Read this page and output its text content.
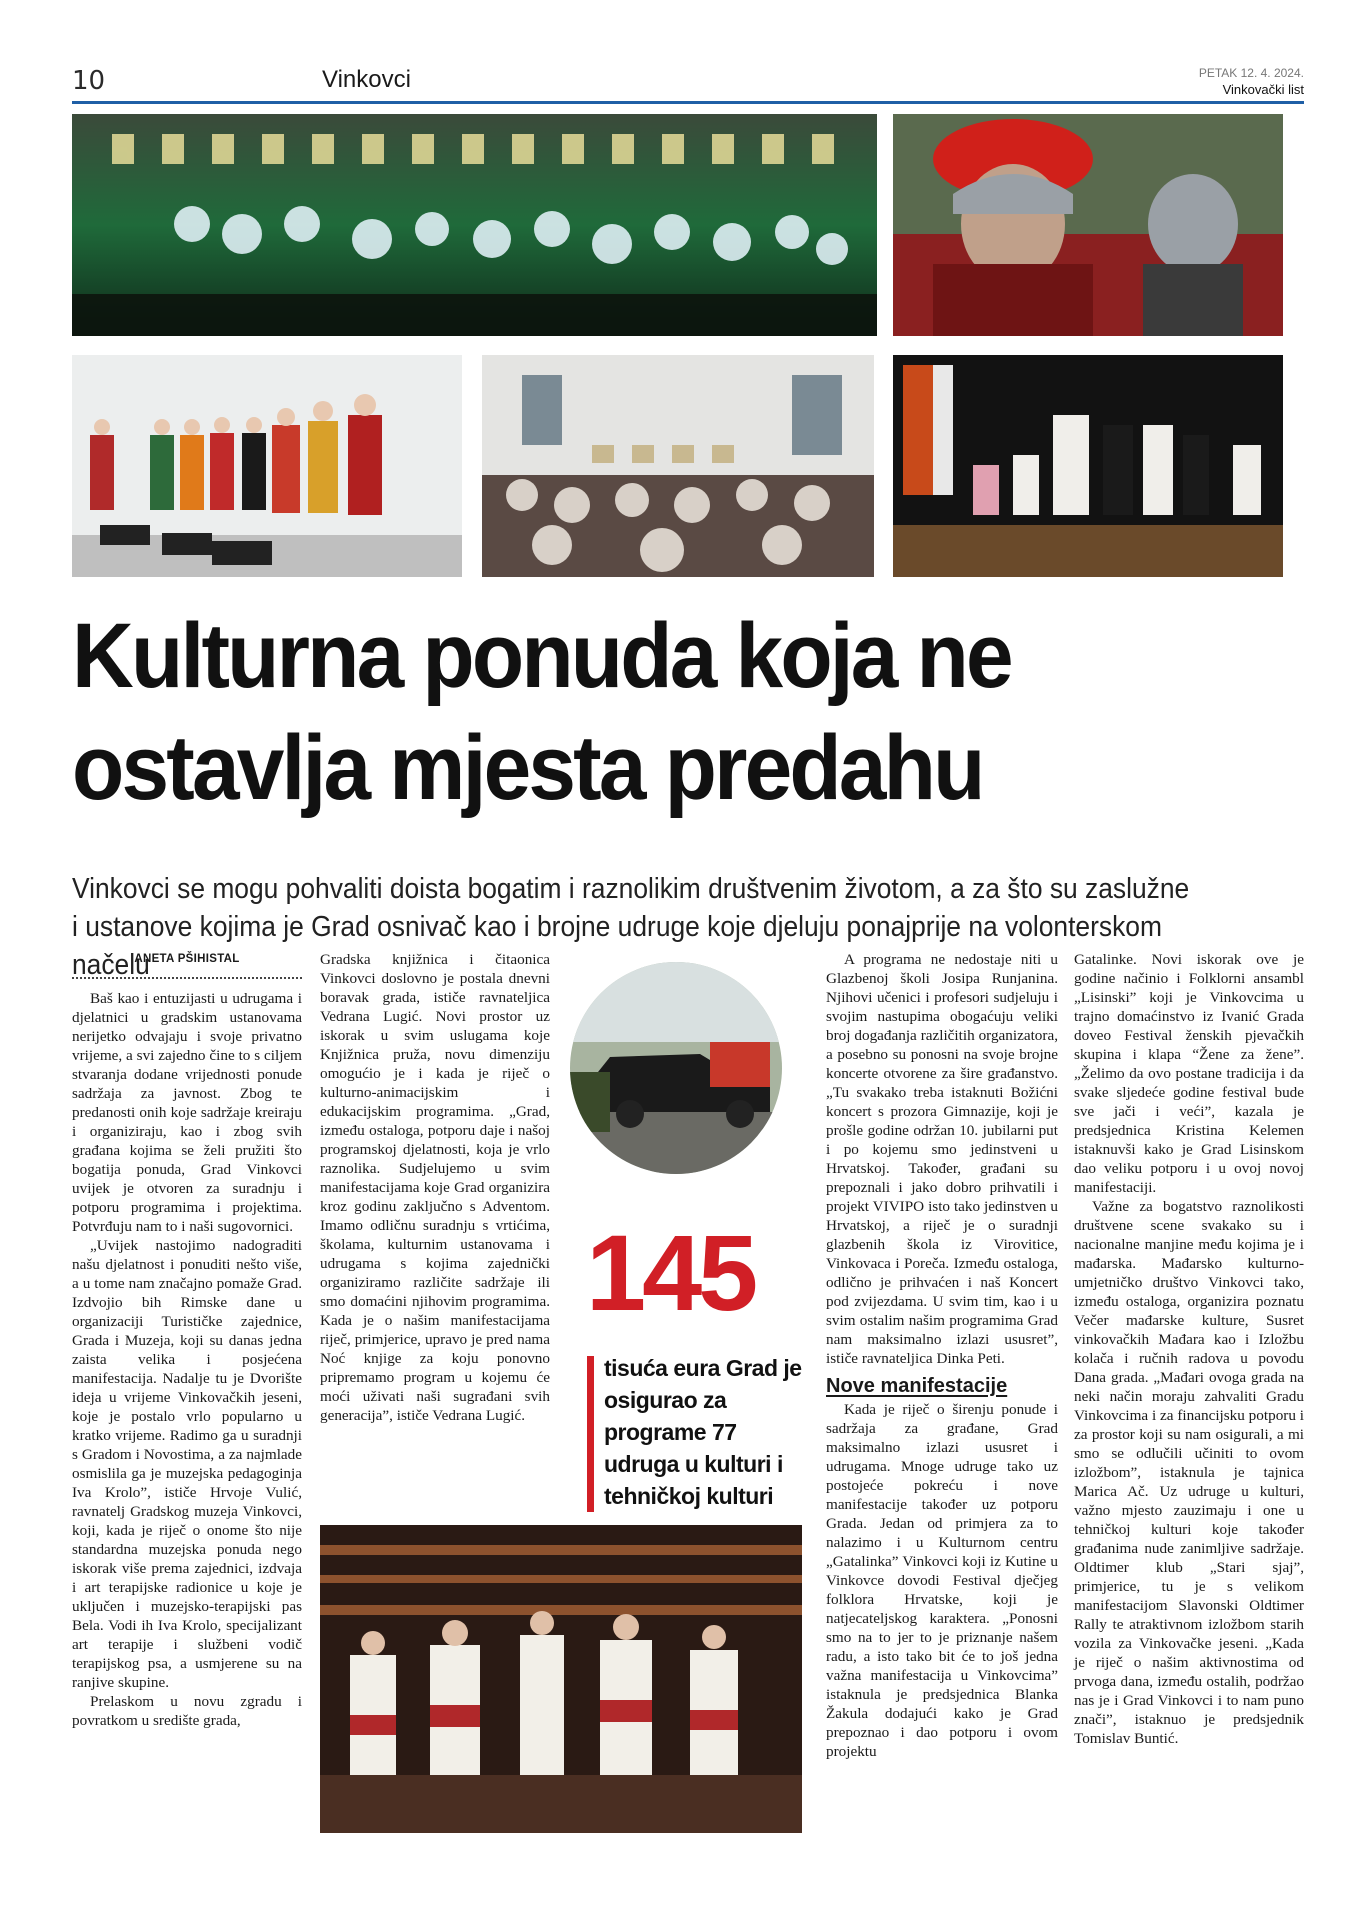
10	Vinkovci	PETAK 12. 4. 2024.
Vinkovački list
Kulturna ponuda koja ne
ostavlja mjesta predahu
Vinkovci se mogu pohvaliti doista bogatim i raznolikim društvenim životom, a za što su zaslužne i ustanove kojima je Grad osnivač kao i brojne udruge koje djeluju ponajprije na volonterskom načelu
ANETA PŠIHISTAL

Baš kao i entuzijasti u udrugama i djelatnici u gradskim ustanovama nerijetko odvajaju i svoje privatno vrijeme, a svi zajedno čine to s ciljem stvaranja dodane vrijednosti ponude sadržaja za javnost. Zbog te predanosti onih koje sadržaje kreiraju i organiziraju, kao i zbog svih građana kojima se želi pružiti što bogatija ponuda, Grad Vinkovci uvijek je otvoren za suradnju i potporu programima i projektima. Potvrđuju nam to i naši sugovornici.

„Uvijek nastojimo nadograditi našu djelatnost i ponuditi nešto više, a u tome nam značajno pomaže Grad. Izdvojio bih Rimske dane u organizaciji Turističke zajednice, Grada i Muzeja, koji su danas jedna zaista velika i posjećena manifestacija. Nadalje tu je Dvorište ideja u vrijeme Vinkovačkih jeseni, koje je postalo vrlo popularno u kratko vrijeme. Radimo ga u suradnji s Gradom i Novostima, a za najmlade osmislila ga je muzejska pedagoginja Iva Krolo”, ističe Hrvoje Vulić, ravnatelj Gradskog muzeja Vinkovci, koji, kada je riječ o onome što nije standardna muzejska ponuda nego iskorak više prema zajednici, izdvaja i art terapijske radionice u koje je uključen i muzejsko-terapijski pas Bela. Vodi ih Iva Krolo, specijalizant art terapije i službeni vodič terapijskog psa, a usmjerene su na ranjive skupine.

Prelaskom u novu zgradu i povratkom u središte grada,

Gradska knjižnica i čitaonica Vinkovci doslovno je postala dnevni boravak grada, ističe ravnateljica Vedrana Lugić. Novi prostor uz iskorak u svim uslugama koje Knjižnica pruža, novu dimenziju omogućio je i kada je riječ o kulturno-animacijskim i edukacijskim programima. „Grad, između ostaloga, potporu daje i našoj programskoj djelatnosti, koja je vrlo raznolika. Sudjelujemo u svim manifestacijama koje Grad organizira kroz godinu zaključno s Adventom. Imamo odličnu suradnju s vrtićima, školama, kulturnim ustanovama i udrugama s kojima zajednički organiziramo različite sadržaje ili smo domaćini njihovim programima. Kada je o našim manifestacijama riječ, primjerice, upravo je pred nama Noć knjige za koju ponovno pripremamo program u kojemu će moći uživati naši sugrađani svih generacija”, ističe Vedrana Lugić.

145
tisuća eura Grad je osigurao za programe 77 udruga u kulturi i tehničkoj kulturi

A programa ne nedostaje niti u Glazbenoj školi Josipa Runjanina. Njihovi učenici i profesori sudjeluju i svojim nastupima obogaćuju veliki broj događanja različitih organizatora, a posebno su ponosni na svoje brojne koncerte otvorene za šire građanstvo. „Tu svakako treba istaknuti Božićni koncert s prozora Gimnazije, koji je prošle godine održan 10. jubilarni put i po kojemu smo jedinstveni u Hrvatskoj. Također, građani su prepoznali i jako dobro prihvatili i projekt VIVIPO isto tako jedinstven u Hrvatskoj, a riječ je o suradnji glazbenih škola iz Virovitice, Vinkovaca i Poreča. Između ostaloga, odlično je prihvaćen i naš Koncert pod zvijezdama. U svim tim, kao i u svim ostalim našim programima Grad nam maksimalno izlazi ususret”, ističe ravnateljica Dinka Peti.

Nove manifestacije

Kada je riječ o širenju ponude i sadržaja za građane, Grad maksimalno izlazi ususret i udrugama. Mnoge udruge tako uz postojeće pokreću i nove manifestacije također uz potporu Grada. Jedan od primjera za to nalazimo i u Kulturnom centru „Gatalinka” Vinkovci koji iz Kutine u Vinkovce dovodi Festival dječjeg folklora Hrvatske, koji je natjecateljskog karaktera. „Ponosni smo na to jer to je priznanje našem radu, a isto tako bit će to još jedna važna manifestacija u Vinkovcima” istaknula je predsjednica Blanka Žakula dodajući kako je Grad prepoznao i dao potporu i ovom projektu

Gatalinke. Novi iskorak ove je godine načinio i Folklorni ansambl „Lisinski” koji je Vinkovcima u trajno domaćinstvo iz Ivanić Grada doveo Festival ženskih pjevačkih skupina i klapa “Žene za žene”. „Želimo da ovo postane tradicija i da svake sljedeće godine festival bude sve jači i veći”, kazala je predsjednica Kristina Kelemen istaknuvši kako je Grad Lisinskom dao veliku potporu i u ovoj novoj manifestaciji.

Važne za bogatstvo raznolikosti društvene scene svakako su i nacionalne manjine među kojima je i mađarska. Mađarsko kulturno-umjetničko društvo Vinkovci tako, između ostaloga, organizira poznatu Večer mađarske kulture, Susret vinkovačkih Mađara kao i Izložbu kolača i ručnih radova u povodu Dana grada. „Mađari ovoga grada na neki način moraju zahvaliti Gradu Vinkovcima i za financijsku potporu i za prostor koji su nam osigurali, a mi smo se odlučili učiniti to ovom izložbom”, istaknula je tajnica Marica Ač. Uz udruge u kulturi, važno mjesto zauzimaju i one u tehničkoj kulturi koje također građanima nude zanimljive sadržaje. Oldtimer klub „Stari sjaj”, primjerice, tu je s velikom manifestacijom Slavonski Oldtimer Rally te atraktivnom izložbom starih vozila za Vinkovačke jeseni. „Kada je riječ o našim aktivnostima od prvoga dana, između ostalih, podržao nas je i Grad Vinkovci i to nam puno znači”, istaknuo je predsjednik Tomislav Buntić.
